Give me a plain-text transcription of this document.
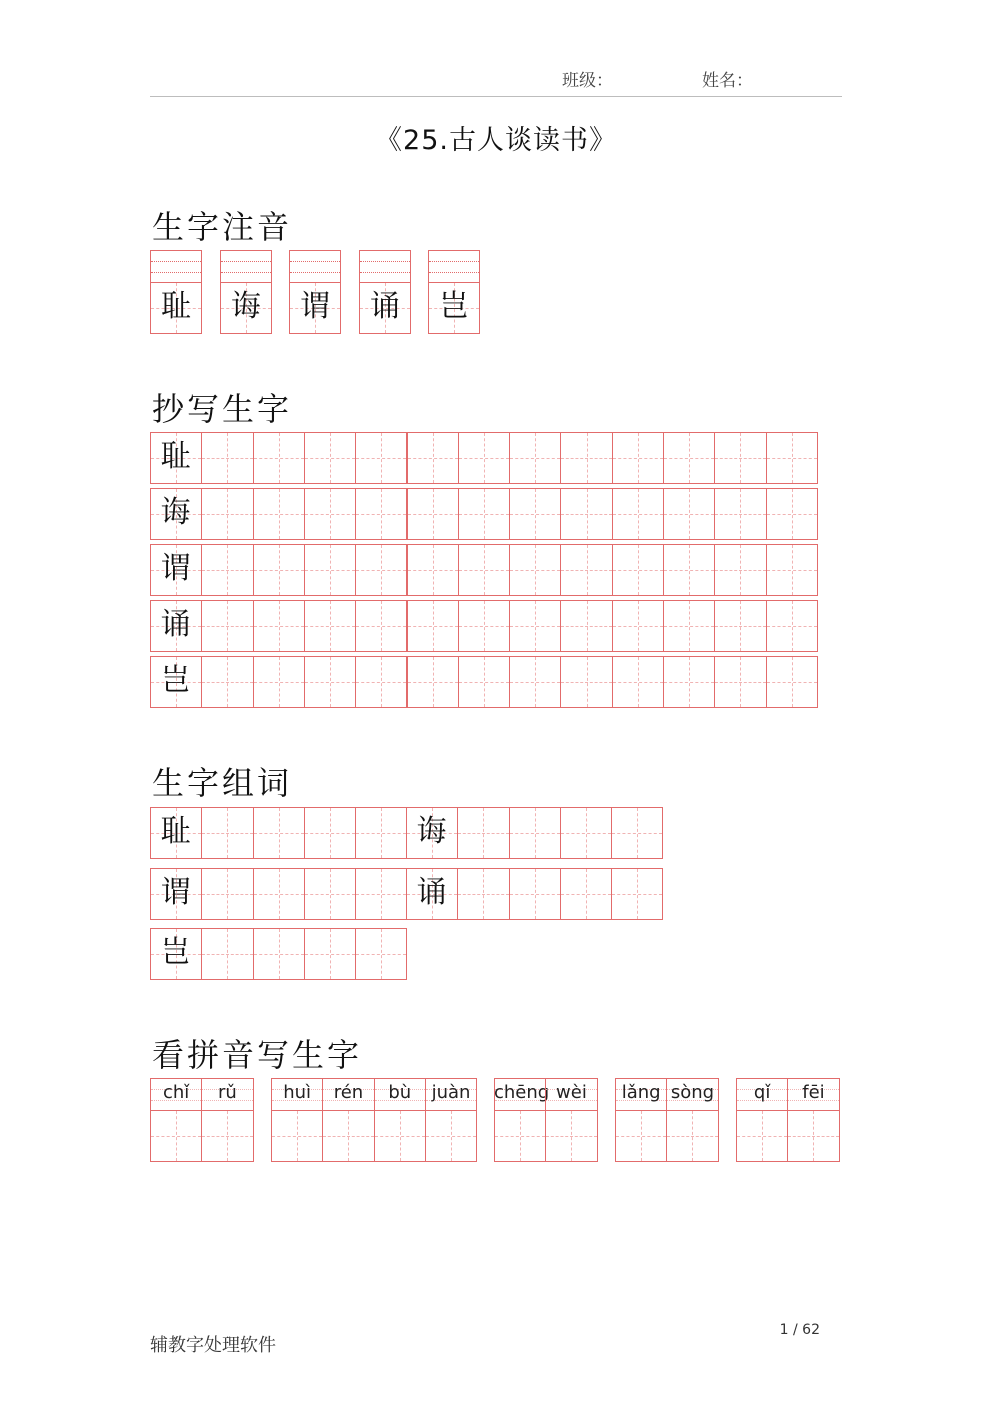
班级：	姓名：
《25.古人谈读书》
生字注音
抄写生字
生字组词
看拼音写生字
耻	诲	谓	诵	岂
耻
诲
谓
诵
岂
耻	诲
谓	诵
岂
chǐ	rǔ	huì	rén	bù	juàn	chēng wèi	lǎng sòng	qǐ	fēi
辅教字处理软件
1 / 62
